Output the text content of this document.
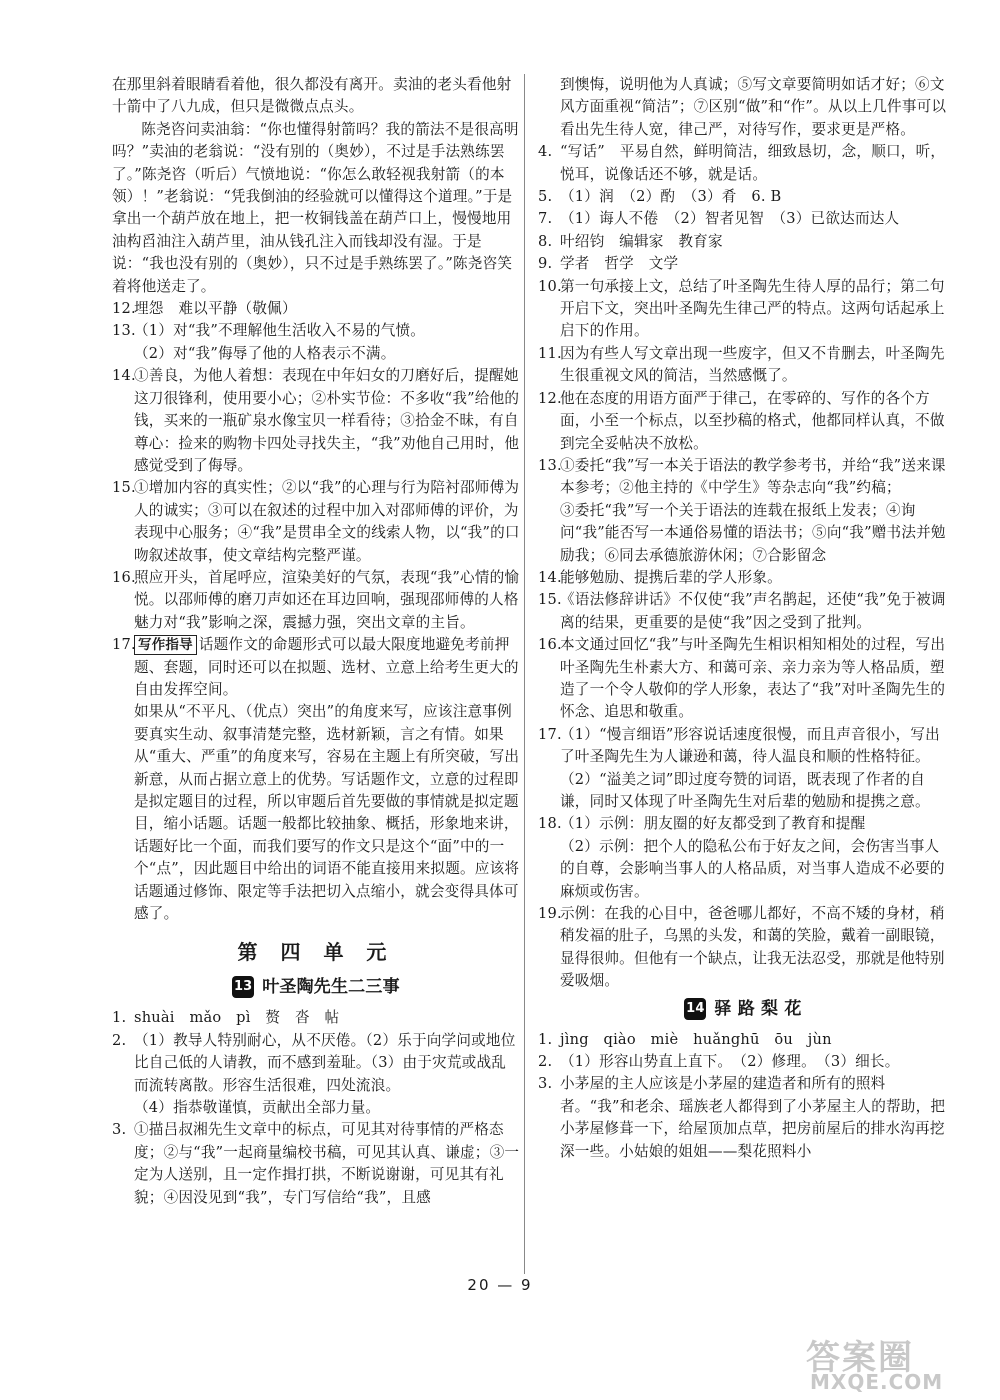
在那里斜着眼睛看着他，很久都没有离开。卖油的老头看他射十箭中了八九成，但只是微微点点头。

陈尧咨问卖油翁：“你也懂得射箭吗？我的箭法不是很高明吗？”卖油的老翁说：“没有别的（奥妙），不过是手法熟练罢了。”陈尧咨（听后）气愤地说：“你怎么敢轻视我射箭（的本领）！”老翁说：“凭我倒油的经验就可以懂得这个道理。”于是拿出一个葫芦放在地上，把一枚铜钱盖在葫芦口上，慢慢地用油构舀油注入葫芦里，油从钱孔注入而钱却没有湿。于是说：“我也没有别的（奥妙），只不过是手熟练罢了。”陈尧咨笑着将他送走了。

12.
埋怨　难以平静（敬佩）
13.
（1）对“我”不理解他生活收入不易的气愤。
（2）对“我”侮辱了他的人格表示不满。
14.
①善良，为他人着想：表现在中年妇女的刀磨好后，提醒她这刀很锋利，使用要小心；②朴实节俭：不多收“我”给他的钱，买来的一瓶矿泉水像宝贝一样看待；③拾金不昧，有自尊心：捡来的购物卡四处寻找失主，“我”劝他自己用时，他感觉受到了侮辱。
15.
①增加内容的真实性；②以“我”的心理与行为陪衬邵师傅为人的诚实；③可以在叙述的过程中加入对邵师傅的评价，为表现中心服务；④“我”是贯串全文的线索人物，以“我”的口吻叙述故事，使文章结构完整严谨。
16.
照应开头，首尾呼应，渲染美好的气氛，表现“我”心情的愉悦。以邵师傅的磨刀声如还在耳边回响，强现邵师傅的人格魅力对“我”影响之深，震撼力强，突出文章的主旨。
17. 写作指导 话题作文的命题形式可以最大限度地避免考前押题、套题，同时还可以在拟题、选材、立意上给考生更大的自由发挥空间。
如果从“不平凡、（优点）突出”的角度来写，应该注意事例要真实生动、叙事清楚完整，选材新颖，言之有情。如果从“重大、严重”的角度来写，容易在主题上有所突破，写出新意，从而占据立意上的优势。写话题作文，立意的过程即是拟定题目的过程，所以审题后首先要做的事情就是拟定题目，缩小话题。话题一般都比较抽象、概括，形象地来讲，话题好比一个面，而我们要写的作文只是这个“面”中的一个“点”，因此题目中给出的词语不能直接用来拟题。应该将话题通过修饰、限定等手法把切入点缩小，就会变得具体可感了。
第 四 单 元
13 叶圣陶先生二三事
1. shuài　mǎo　pì　赘　沓　帖
2. （1）教导人特别耐心，从不厌倦。（2）乐于向学问或地位比自己低的人请教，而不感到羞耻。（3）由于灾荒或战乱而流转离散。形容生活很难，四处流浪。
（4）指恭敬谨慎，贡献出全部力量。
3. ①描吕叔湘先生文章中的标点，可见其对待事情的严格态度；②与“我”一起商量编校书稿，可见其认真、谦虚；③一定为人送别，且一定作揖打拱，不断说谢谢，可见其有礼貌；④因没见到“我”，专门写信给“我”，且感
到懊悔，说明他为人真诚；⑤写文章要简明如话才好；⑥文风方面重视“简洁”；⑦区别“做”和“作”。从以上几件事可以看出先生待人宽，律己严，对待写作，要求更是严格。
4. “写话”　平易自然，鲜明简洁，细致恳切，念，顺口，听，悦耳，说像话还不够，就是话。
5. （1）润　（2）酌　（3）肴　6. B
7. （1）诲人不倦　（2）智者见智　（3）已欲达而达人
8. 叶绍钧　编辑家　教育家
9. 学者　哲学　文学
10.
第一句承接上文，总结了叶圣陶先生待人厚的品行；第二句开启下文，突出叶圣陶先生律己严的特点。这两句话起承上启下的作用。
11.
因为有些人写文章出现一些废字，但又不肯删去，叶圣陶先生很重视文风的简洁，当然感慨了。
12.
他在态度的用语方面严于律己，在零碎的、写作的各个方面，小至一个标点，以至抄稿的格式，他都同样认真，不做到完全妥帖决不放松。
13.
①委托“我”写一本关于语法的教学参考书，并给“我”送来课本参考；②他主持的《中学生》等杂志向“我”约稿；
③委托“我”写一个关于语法的连载在报纸上发表；④询问“我”能否写一本通俗易懂的语法书；⑤向“我”赠书法并勉励我；⑥同去承德旅游休闲；⑦合影留念
14.
能够勉励、提携后辈的学人形象。
15.
《语法修辞讲话》不仅使“我”声名鹊起，还使“我”免于被调离的结果，更重要的是使“我”因之受到了批判。
16.
本文通过回忆“我”与叶圣陶先生相识相知相处的过程，写出叶圣陶先生朴素大方、和蔼可亲、亲力亲为等人格品质，塑造了一个令人敬仰的学人形象，表达了“我”对叶圣陶先生的怀念、追思和敬重。
17.
（1）“慢言细语”形容说话速度很慢，而且声音很小，写出了叶圣陶先生为人谦逊和蔼，待人温良和顺的性格特征。
（2）“溢美之词”即过度夸赞的词语，既表现了作者的自谦，同时又体现了叶圣陶先生对后辈的勉励和提携之意。
18.
（1）示例：朋友圈的好友都受到了教育和提醒
（2）示例：把个人的隐私公布于好友之间，会伤害当事人的自尊，会影响当事人的人格品质，对当事人造成不必要的麻烦或伤害。
19.
示例：在我的心目中，爸爸哪儿都好，不高不矮的身材，稍稍发福的肚子，乌黑的头发，和蔼的笑脸，戴着一副眼镜，显得很帅。但他有一个缺点，让我无法忍受，那就是他特别爱吸烟。
14 驿 路 梨 花
1. jìng　qiào　miè　huǎnghū　ōu　jùn
2. （1）形容山势直上直下。　（2）修理。　（3）细长。
3. 小茅屋的主人应该是小茅屋的建造者和所有的照料者。“我”和老余、瑶族老人都得到了小茅屋主人的帮助，把小茅屋修葺一下，给屋顶加点草，把房前屋后的排水沟再挖深一些。小姑娘的姐姐——梨花照料小
20 — 9
答案圈
MXQE.COM
